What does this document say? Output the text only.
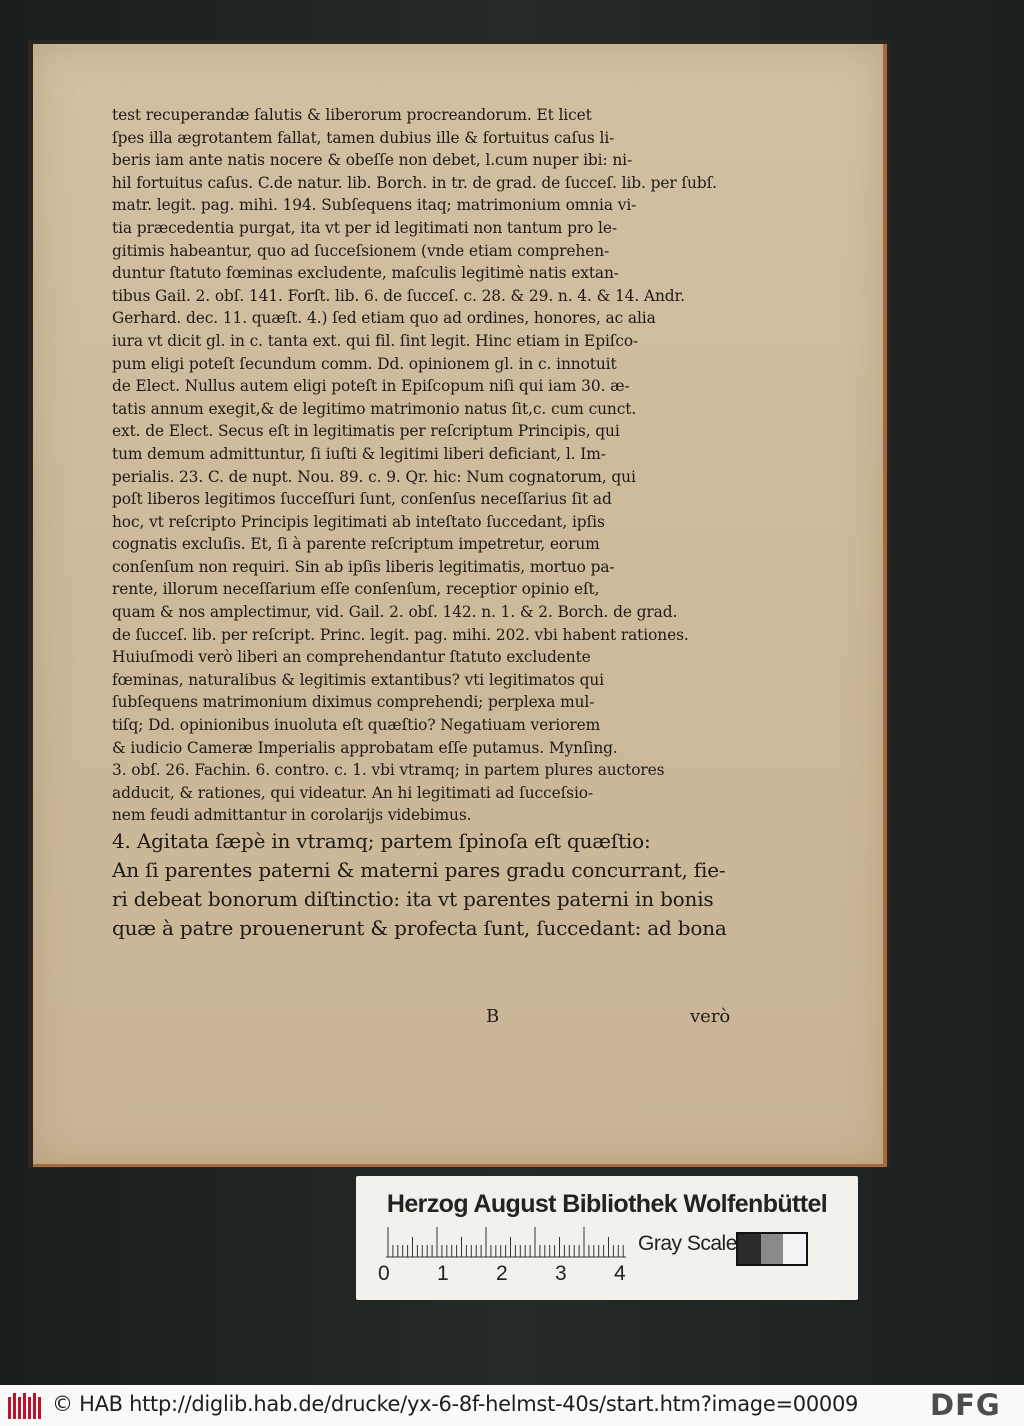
test recuperandæ ſalutis & liberorum procreandorum. Et licet
ſpes illa ægrotantem fallat, tamen dubius ille & fortuitus caſus li-
beris iam ante natis nocere & obeſſe non debet, l.cum nuper ibi: ni-
hil fortuitus caſus. C.de natur. lib. Borch. in tr. de grad. de ſucceſ. lib. per ſubſ.
matr. legit. pag. mihi. 194. Subſequens itaq; matrimonium omnia vi-
tia præcedentia purgat, ita vt per id legitimati non tantum pro le-
gitimis habeantur, quo ad ſucceſsionem (vnde etiam comprehen-
duntur ſtatuto fœminas excludente, maſculis legitimè natis extan-
tibus Gail. 2. obſ. 141. Forſt. lib. 6. de ſucceſ. c. 28. & 29. n. 4. & 14. Andr.
Gerhard. dec. 11. quæſt. 4.) ſed etiam quo ad ordines, honores, ac alia
iura vt dicit gl. in c. tanta ext. qui fil. ſint legit. Hinc etiam in Epiſco-
pum eligi poteſt ſecundum comm. Dd. opinionem gl. in c. innotuit
de Elect. Nullus autem eligi poteſt in Epiſcopum niſi qui iam 30. æ-
tatis annum exegit,& de legitimo matrimonio natus ſit,c. cum cunct.
ext. de Elect. Secus eſt in legitimatis per reſcriptum Principis, qui
tum demum admittuntur, ſi iuſti & legitimi liberi deficiant, l. Im-
perialis. 23. C. de nupt. Nou. 89. c. 9. Qr. hic: Num cognatorum, qui
poſt liberos legitimos ſucceſſuri ſunt, conſenſus neceſſarius ſit ad
hoc, vt reſcripto Principis legitimati ab inteſtato ſuccedant, ipſis
cognatis excluſis. Et, ſi à parente reſcriptum impetretur, eorum
conſenſum non requiri. Sin ab ipſis liberis legitimatis, mortuo pa-
rente, illorum neceſſarium eſſe conſenſum, receptior opinio eſt,
quam & nos amplectimur, vid. Gail. 2. obſ. 142. n. 1. & 2. Borch. de grad.
de ſucceſ. lib. per reſcript. Princ. legit. pag. mihi. 202. vbi habent rationes.
Huiuſmodi verò liberi an comprehendantur ſtatuto excludente
fœminas, naturalibus & legitimis extantibus? vti legitimatos qui
ſubſequens matrimonium diximus comprehendi; perplexa mul-
tiſq; Dd. opinionibus inuoluta eſt quæſtio? Negatiuam veriorem
& iudicio Cameræ Imperialis approbatam eſſe putamus. Mynſing.
3. obſ. 26. Fachin. 6. contro. c. 1. vbi vtramq; in partem plures auctores
adducit, & rationes, qui videatur. An hi legitimati ad ſucceſsio-
nem feudi admittantur in corolarijs videbimus.
4. Agitata ſæpè in vtramq; partem ſpinoſa eſt quæſtio:
An ſi parentes paterni & materni pares gradu concurrant, fie-
ri debeat bonorum diſtinctio: ita vt parentes paterni in bonis
quæ à patre prouenerunt & profecta ſunt, ſuccedant: ad bona
B	verò
Herzog August Bibliothek Wolfenbüttel
0 1 2 3 4
Gray Scale
© HAB http://diglib.hab.de/drucke/yx-6-8f-helmst-40s/start.htm?image=00009 DFG
